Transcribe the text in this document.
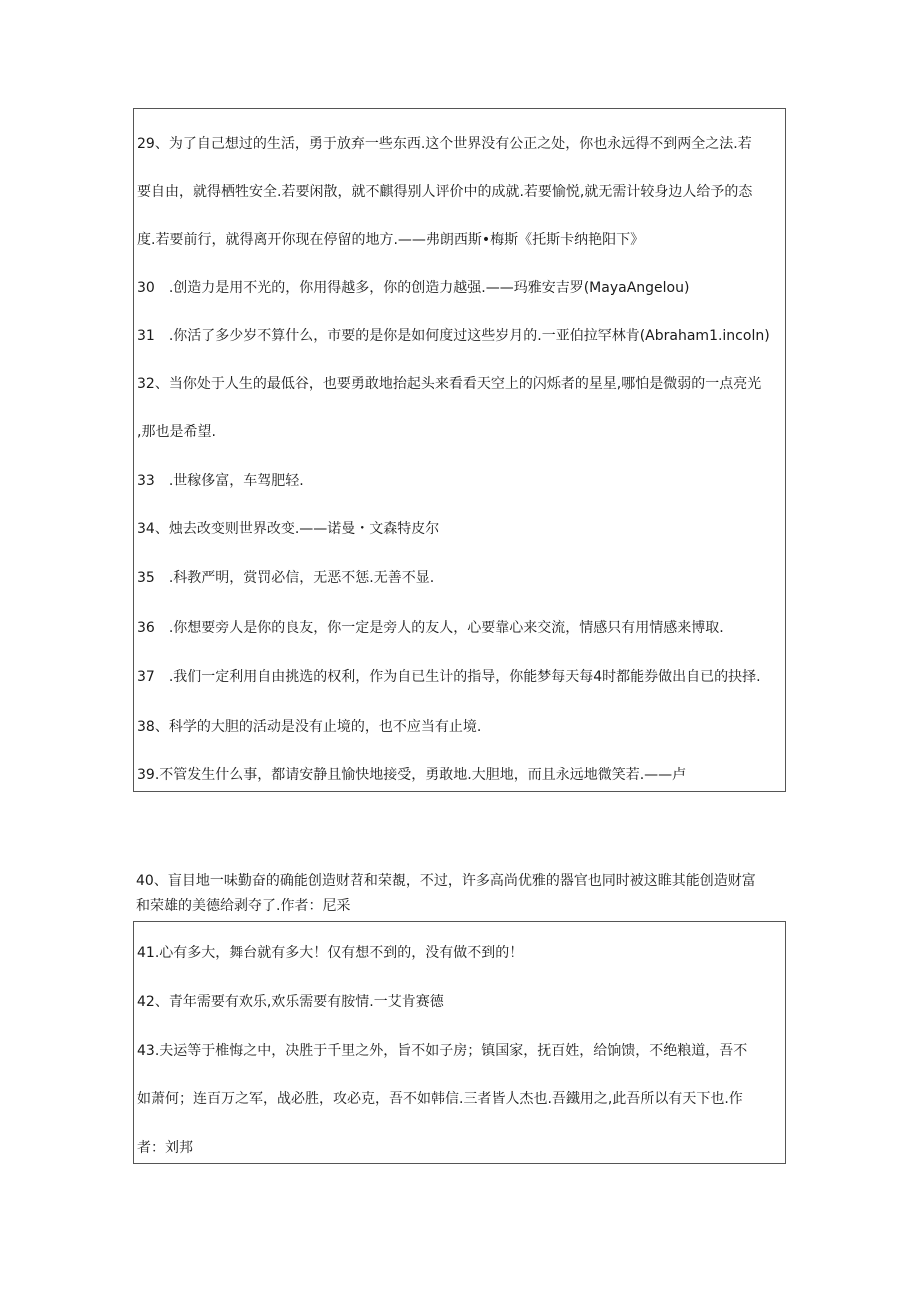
29、为了自己想过的生活，勇于放弃一些东西.这个世界没有公正之处，你也永远得不到两全之法.若
要自由，就得栖牲安全.若要闲散，就不麒得别人评价中的成就.若要愉悦,就无需计较身边人给予的态
度.若要前行，就得离开你现在停留的地方.——弗朗西斯•梅斯《托斯卡纳艳阳下》
30　.创造力是用不光的，你用得越多，你的创造力越强.——玛雅安吉罗(MayaAngelou)
31　.你活了多少岁不算什么，市要的是你是如何度过这些岁月的.一亚伯拉罕林肯(Abraham1.incoln)
32、当你处于人生的最低谷，也要勇敢地抬起头来看看天空上的闪烁者的星星,哪怕是微弱的一点亮光
,那也是希望.
33　.世稼侈富，车驾肥轻.
34、烛去改变则世界改变.——诺曼・文森特皮尔
35　.科教严明，赏罚必信，无恶不惩.无善不显.
36　.你想要旁人是你的良友，你一定是旁人的友人，心要靠心来交流，情感只有用情感来博取.
37　.我们一定利用自由挑选的权利，作为自已生计的指导，你能梦每天每4时都能券做出自已的抉择.
38、科学的大胆的活动是没有止境的，也不应当有止境.
39.不管发生什么事，都请安静且愉快地接受，勇敢地.大胆地，而且永远地微笑若.——卢
40、盲目地一味勤奋的确能创造财苕和荣覩，不过，许多高尚优雅的器官也同时被这睢其能创造财富
和荣雄的美德给剥夺了.作者：尼采
41.心有多大，舞台就有多大！仅有想不到的，没有做不到的！
42、青年需要有欢乐,欢乐需要有胺情.一艾肯赛德
43.夫运等于椎悔之中，决胜于千里之外，旨不如子房；镇国家，抚百姓，给饷馈，不绝粮道，吾不
如萧何；连百万之军，战必胜，攻必克，吾不如韩信.三者皆人杰也.吾鐵用之,此吾所以有天下也.作
者：刘邦
